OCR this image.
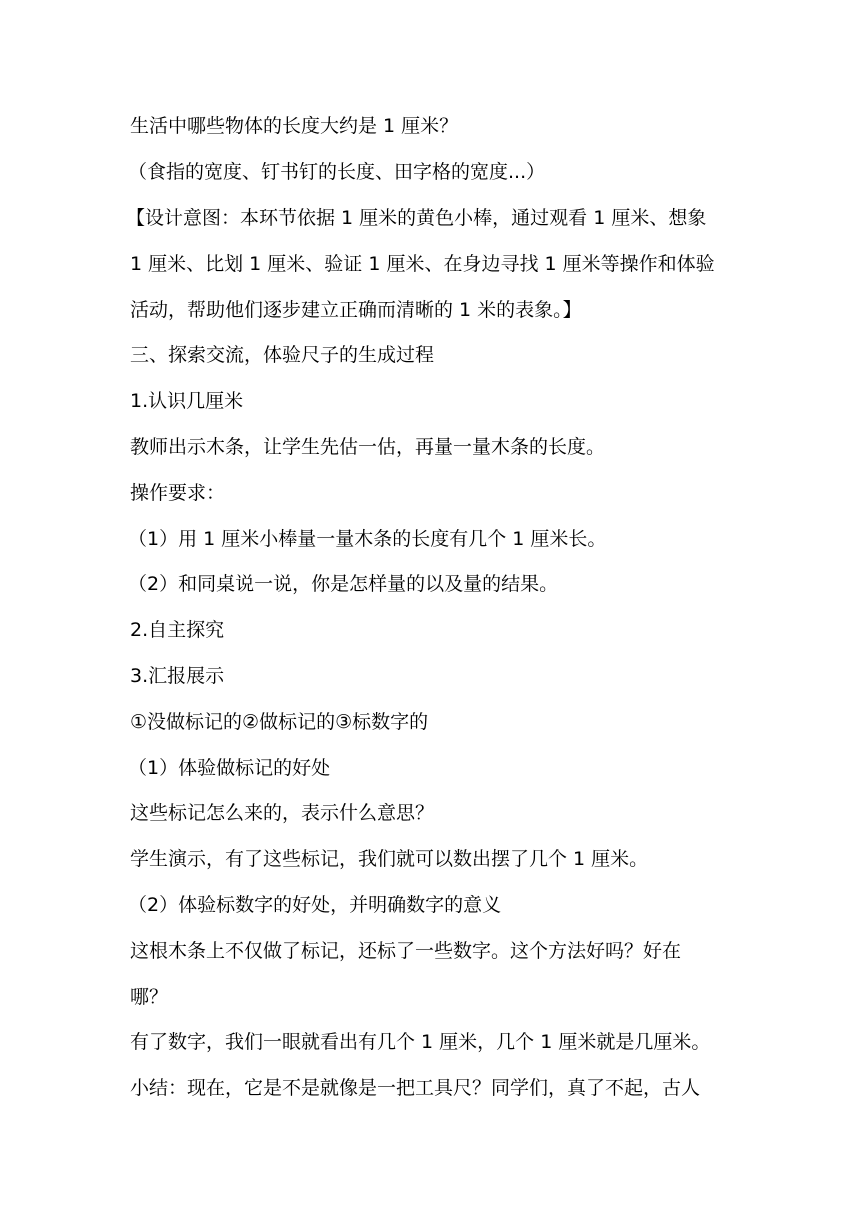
生活中哪些物体的长度大约是 1 厘米？
（食指的宽度、钉书钉的长度、田字格的宽度...）
【设计意图：本环节依据 1 厘米的黄色小棒，通过观看 1 厘米、想象
1 厘米、比划 1 厘米、验证 1 厘米、在身边寻找 1 厘米等操作和体验
活动，帮助他们逐步建立正确而清晰的 1 米的表象。】
三、探索交流，体验尺子的生成过程
1.认识几厘米
教师出示木条，让学生先估一估，再量一量木条的长度。
操作要求：
（1）用 1 厘米小棒量一量木条的长度有几个 1 厘米长。
（2）和同桌说一说，你是怎样量的以及量的结果。
2.自主探究
3.汇报展示
①没做标记的②做标记的③标数字的
（1）体验做标记的好处
这些标记怎么来的，表示什么意思？
学生演示，有了这些标记，我们就可以数出摆了几个 1 厘米。
（2）体验标数字的好处，并明确数字的意义
这根木条上不仅做了标记，还标了一些数字。这个方法好吗？好在
哪？
有了数字，我们一眼就看出有几个 1 厘米，几个 1 厘米就是几厘米。
小结：现在，它是不是就像是一把工具尺？同学们，真了不起，古人
